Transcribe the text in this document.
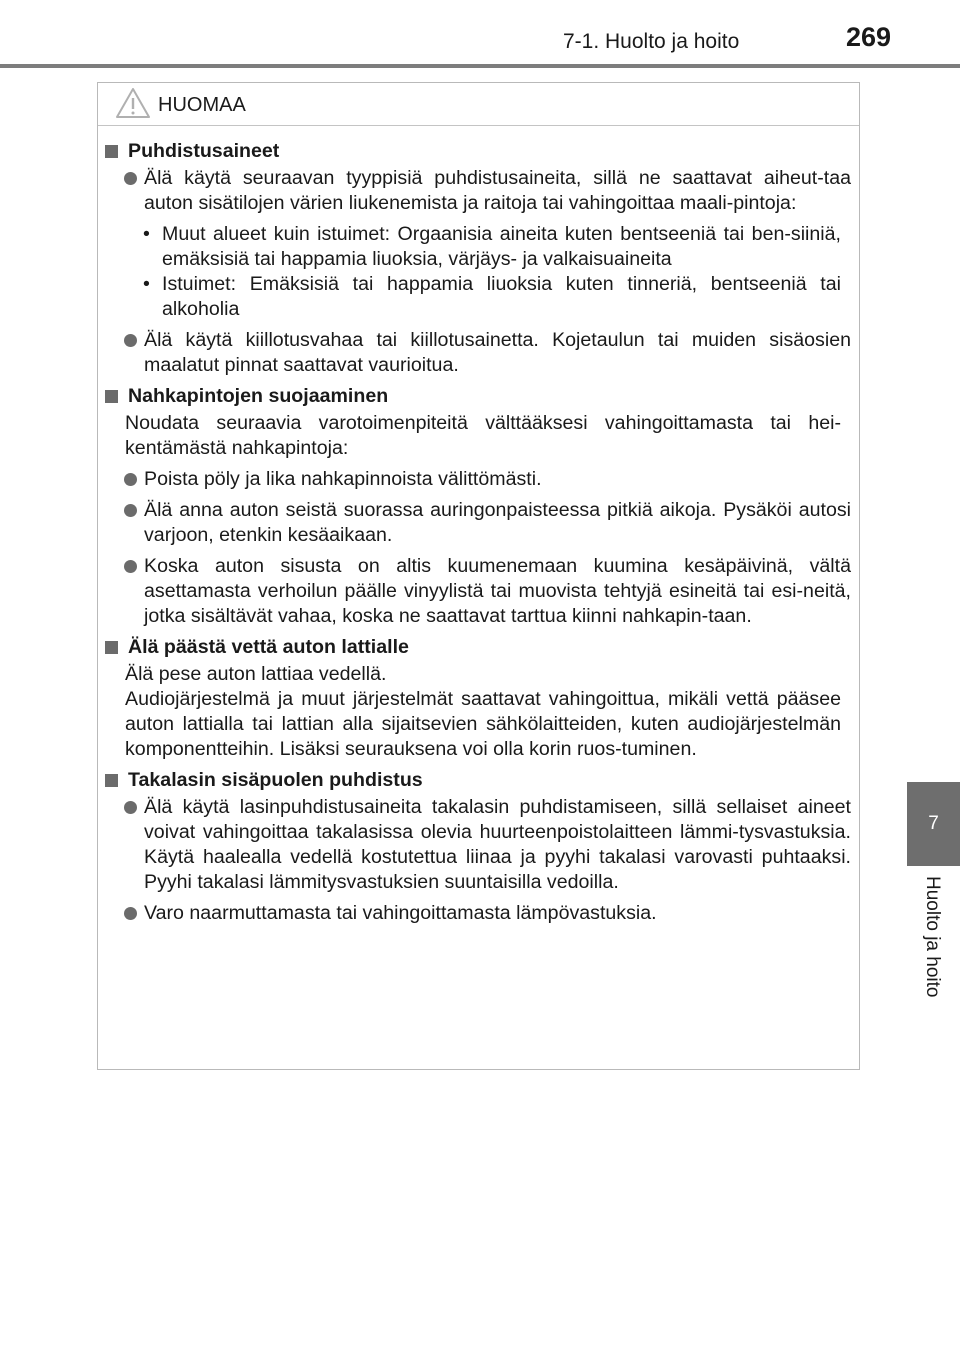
7-1. Huolto ja hoito	269
7
Huolto ja hoito
HUOMAA
Puhdistusaineet
Älä käytä seuraavan tyyppisiä puhdistusaineita, sillä ne saattavat aiheut-taa auton sisätilojen värien liukenemista ja raitoja tai vahingoittaa maali-pintoja:
• Muut alueet kuin istuimet: Orgaanisia aineita kuten bentseeniä tai ben-siiniä, emäksisiä tai happamia liuoksia, värjäys- ja valkaisuaineita
• Istuimet: Emäksisiä tai happamia liuoksia kuten tinneriä, bentseeniä tai alkoholia
Älä käytä kiillotusvahaa tai kiillotusainetta. Kojetaulun tai muiden sisäosien maalatut pinnat saattavat vaurioitua.
Nahkapintojen suojaaminen
Noudata seuraavia varotoimenpiteitä välttääksesi vahingoittamasta tai hei-kentämästä nahkapintoja:
Poista pöly ja lika nahkapinnoista välittömästi.
Älä anna auton seistä suorassa auringonpaisteessa pitkiä aikoja. Pysäköi autosi varjoon, etenkin kesäaikaan.
Koska auton sisusta on altis kuumenemaan kuumina kesäpäivinä, vältä asettamasta verhoilun päälle vinyylistä tai muovista tehtyjä esineitä tai esi-neitä, jotka sisältävät vahaa, koska ne saattavat tarttua kiinni nahkapin-taan.
Älä päästä vettä auton lattialle
Älä pese auton lattiaa vedellä.
Audiojärjestelmä ja muut järjestelmät saattavat vahingoittua, mikäli vettä pääsee auton lattialla tai lattian alla sijaitsevien sähkölaitteiden, kuten audiojärjestelmän komponentteihin. Lisäksi seurauksena voi olla korin ruos-tuminen.
Takalasin sisäpuolen puhdistus
Älä käytä lasinpuhdistusaineita takalasin puhdistamiseen, sillä sellaiset aineet voivat vahingoittaa takalasissa olevia huurteenpoistolaitteen lämmi-tysvastuksia. Käytä haalealla vedellä kostutettua liinaa ja pyyhi takalasi varovasti puhtaaksi. Pyyhi takalasi lämmitysvastuksien suuntaisilla vedoilla.
Varo naarmuttamasta tai vahingoittamasta lämpövastuksia.
